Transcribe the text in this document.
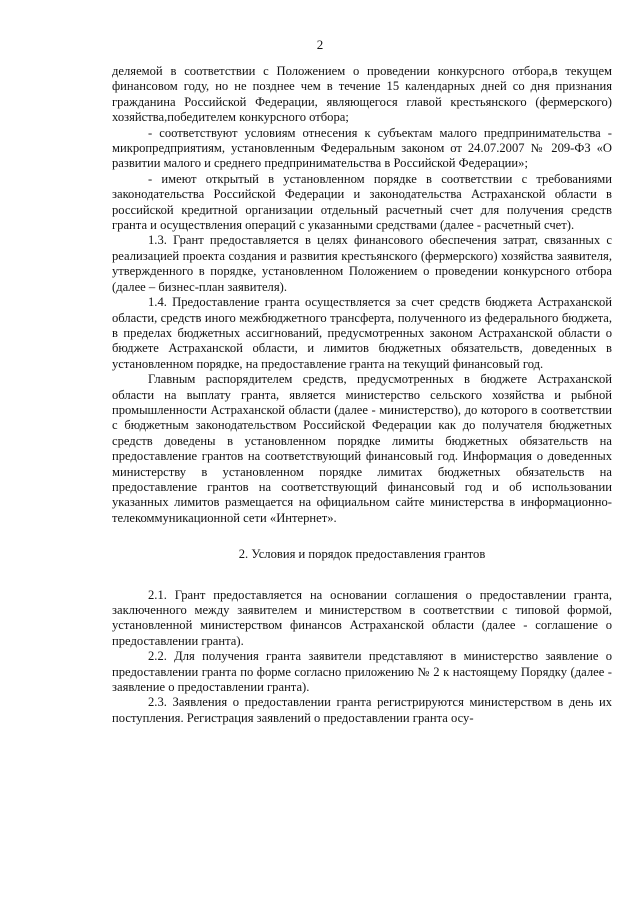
2

деляемой в соответствии с Положением о проведении конкурсного отбора,в текущем финансовом году, но не позднее чем в течение 15 календарных дней со дня признания гражданина Российской Федерации, являющегося главой крестьянского (фермерского) хозяйства,победителем конкурсного отбора;

- соответствуют условиям отнесения к субъектам малого предпринимательства - микропредприятиям, установленным Федеральным законом от 24.07.2007 № 209-ФЗ «О развитии малого и среднего предпринимательства в Российской Федерации»;

- имеют открытый в установленном порядке в соответствии с требованиями законодательства Российской Федерации и законодательства Астраханской области в российской кредитной организации отдельный расчетный счет для получения средств гранта и осуществления операций с указанными средствами (далее - расчетный счет).

1.3. Грант предоставляется в целях финансового обеспечения затрат, связанных с реализацией проекта создания и развития крестьянского (фермерского) хозяйства заявителя, утвержденного в порядке, установленном Положением о проведении конкурсного отбора (далее – бизнес-план заявителя).

1.4. Предоставление гранта осуществляется за счет средств бюджета Астраханской области, средств иного межбюджетного трансферта, полученного из федерального бюджета, в пределах бюджетных ассигнований, предусмотренных законом Астраханской области о бюджете Астраханской области, и лимитов бюджетных обязательств, доведенных в установленном порядке, на предоставление гранта на текущий финансовый год.

Главным распорядителем средств, предусмотренных в бюджете Астраханской области на выплату гранта, является министерство сельского хозяйства и рыбной промышленности Астраханской области (далее - министерство), до которого в соответствии с бюджетным законодательством Российской Федерации как до получателя бюджетных средств доведены в установленном порядке лимиты бюджетных обязательств на предоставление грантов на соответствующий финансовый год. Информация о доведенных министерству в установленном порядке лимитах бюджетных обязательств на предоставление грантов на соответствующий финансовый год и об использовании указанных лимитов размещается на официальном сайте министерства в информационно-телекоммуникационной сети «Интернет».

2. Условия и порядок предоставления грантов

2.1. Грант предоставляется на основании соглашения о предоставлении гранта, заключенного между заявителем и министерством в соответствии с типовой формой, установленной министерством финансов Астраханской области (далее - соглашение о предоставлении гранта).

2.2. Для получения гранта заявители представляют в министерство заявление о предоставлении гранта по форме согласно приложению № 2 к настоящему Порядку (далее - заявление о предоставлении гранта).

2.3. Заявления о предоставлении гранта регистрируются министерством в день их поступления. Регистрация заявлений о предоставлении гранта осу-
